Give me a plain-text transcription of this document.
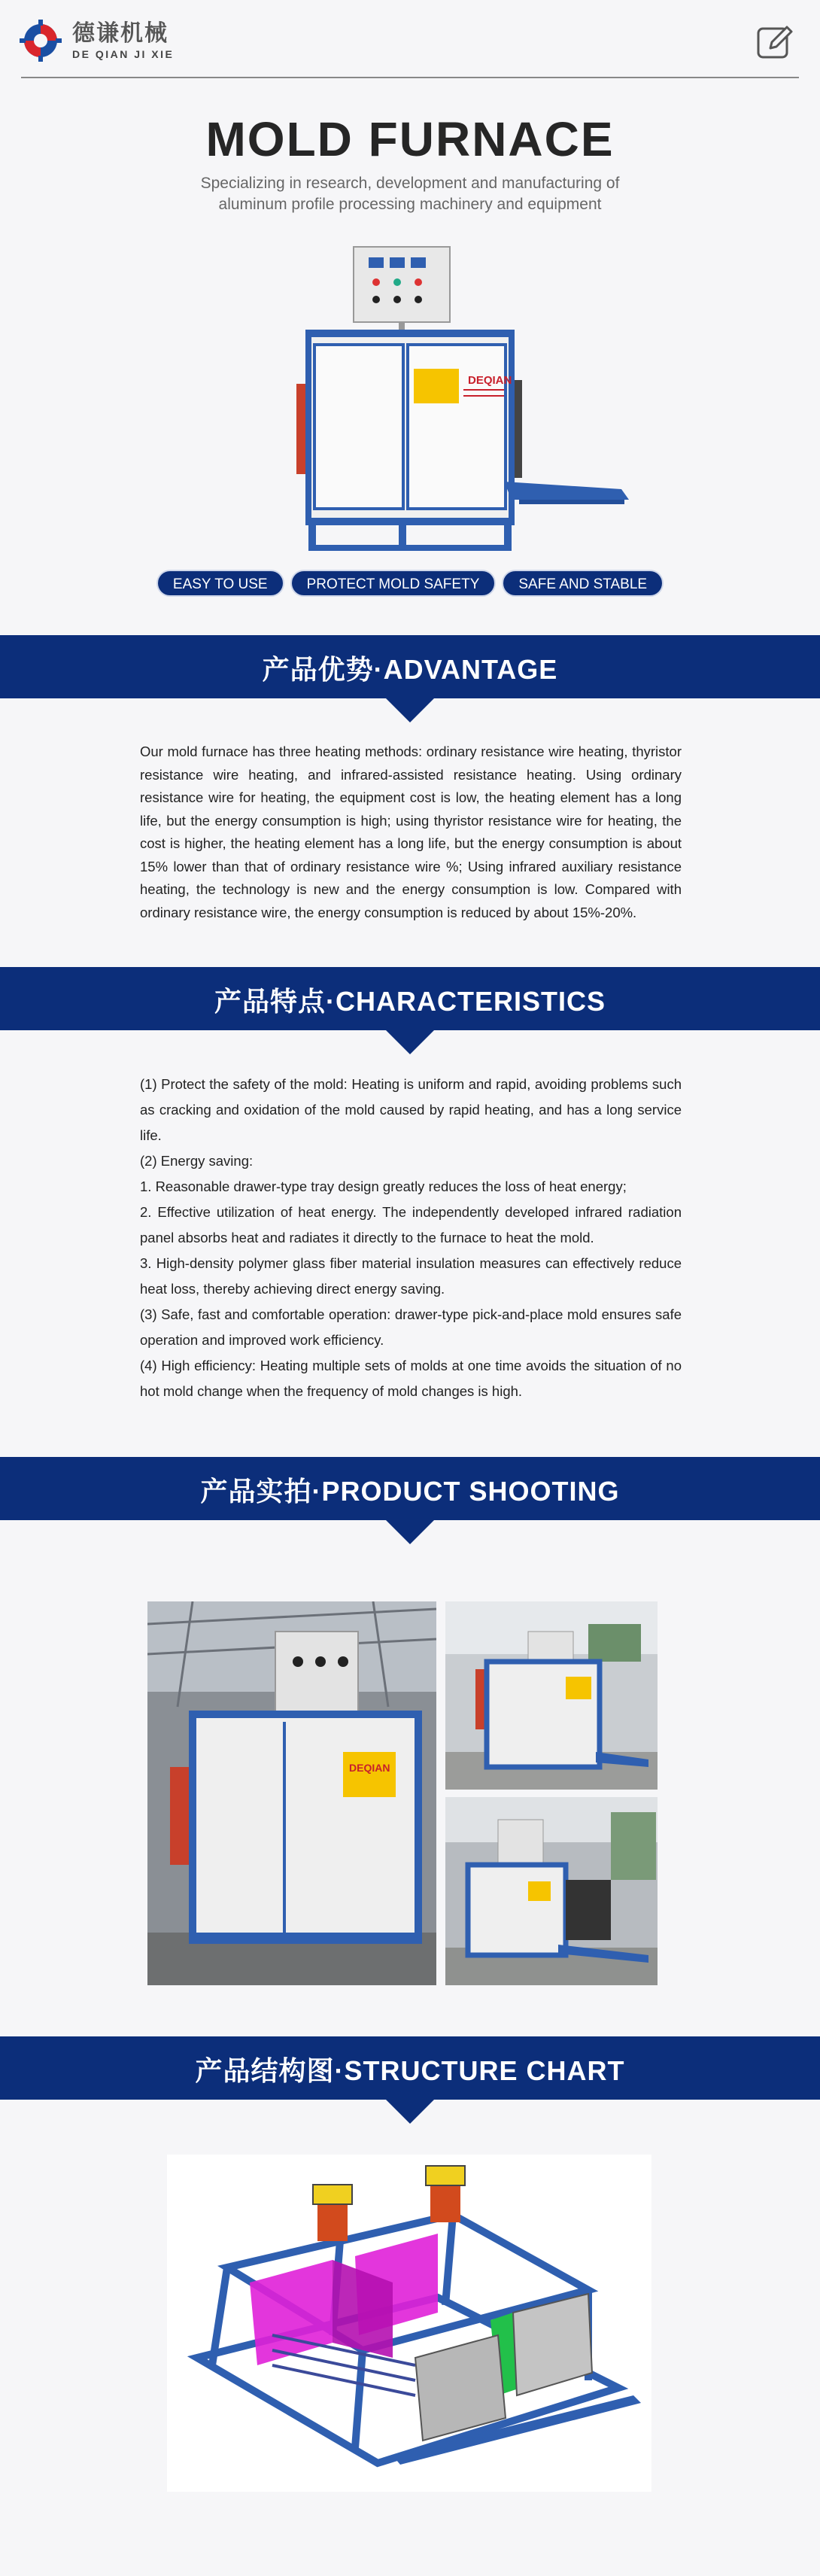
德谦机械
DE QIAN JI XIE
MOLD FURNACE
Specializing in research, development and manufacturing of
aluminum profile processing machinery and equipment
DEQIAN
EASY TO USE	PROTECT MOLD SAFETY	SAFE AND STABLE
产品优势·ADVANTAGE
Our mold furnace has three heating methods: ordinary resistance wire heating, thyristor resistance wire heating, and infrared-assisted resistance heating. Using ordinary resistance wire for heating, the equipment cost is low, the heating element has a long life, but the energy consumption is high; using thyristor resistance wire for heating, the cost is higher, the heating element has a long life, but the energy consumption is about 15% lower than that of ordinary resistance wire %; Using infrared auxiliary resistance heating, the technology is new and the energy consumption is low. Compared with ordinary resistance wire, the energy consumption is reduced by about 15%-20%.
产品特点·CHARACTERISTICS

(1) Protect the safety of the mold: Heating is uniform and rapid, avoiding problems such as cracking and oxidation of the mold caused by rapid heating, and has a long service life.

(2) Energy saving:

1. Reasonable drawer-type tray design greatly reduces the loss of heat energy;

2. Effective utilization of heat energy. The independently developed infrared radiation panel absorbs heat and radiates it directly to the furnace to heat the mold.

3. High-density polymer glass fiber material insulation measures can effectively reduce heat loss, thereby achieving direct energy saving.

(3) Safe, fast and comfortable operation: drawer-type pick-and-place mold ensures safe operation and improved work efficiency.

(4) High efficiency: Heating multiple sets of molds at one time avoids the situation of no hot mold change when the frequency of mold changes is high.

产品实拍·PRODUCT SHOOTING
DEQIAN
产品结构图·STRUCTURE CHART
